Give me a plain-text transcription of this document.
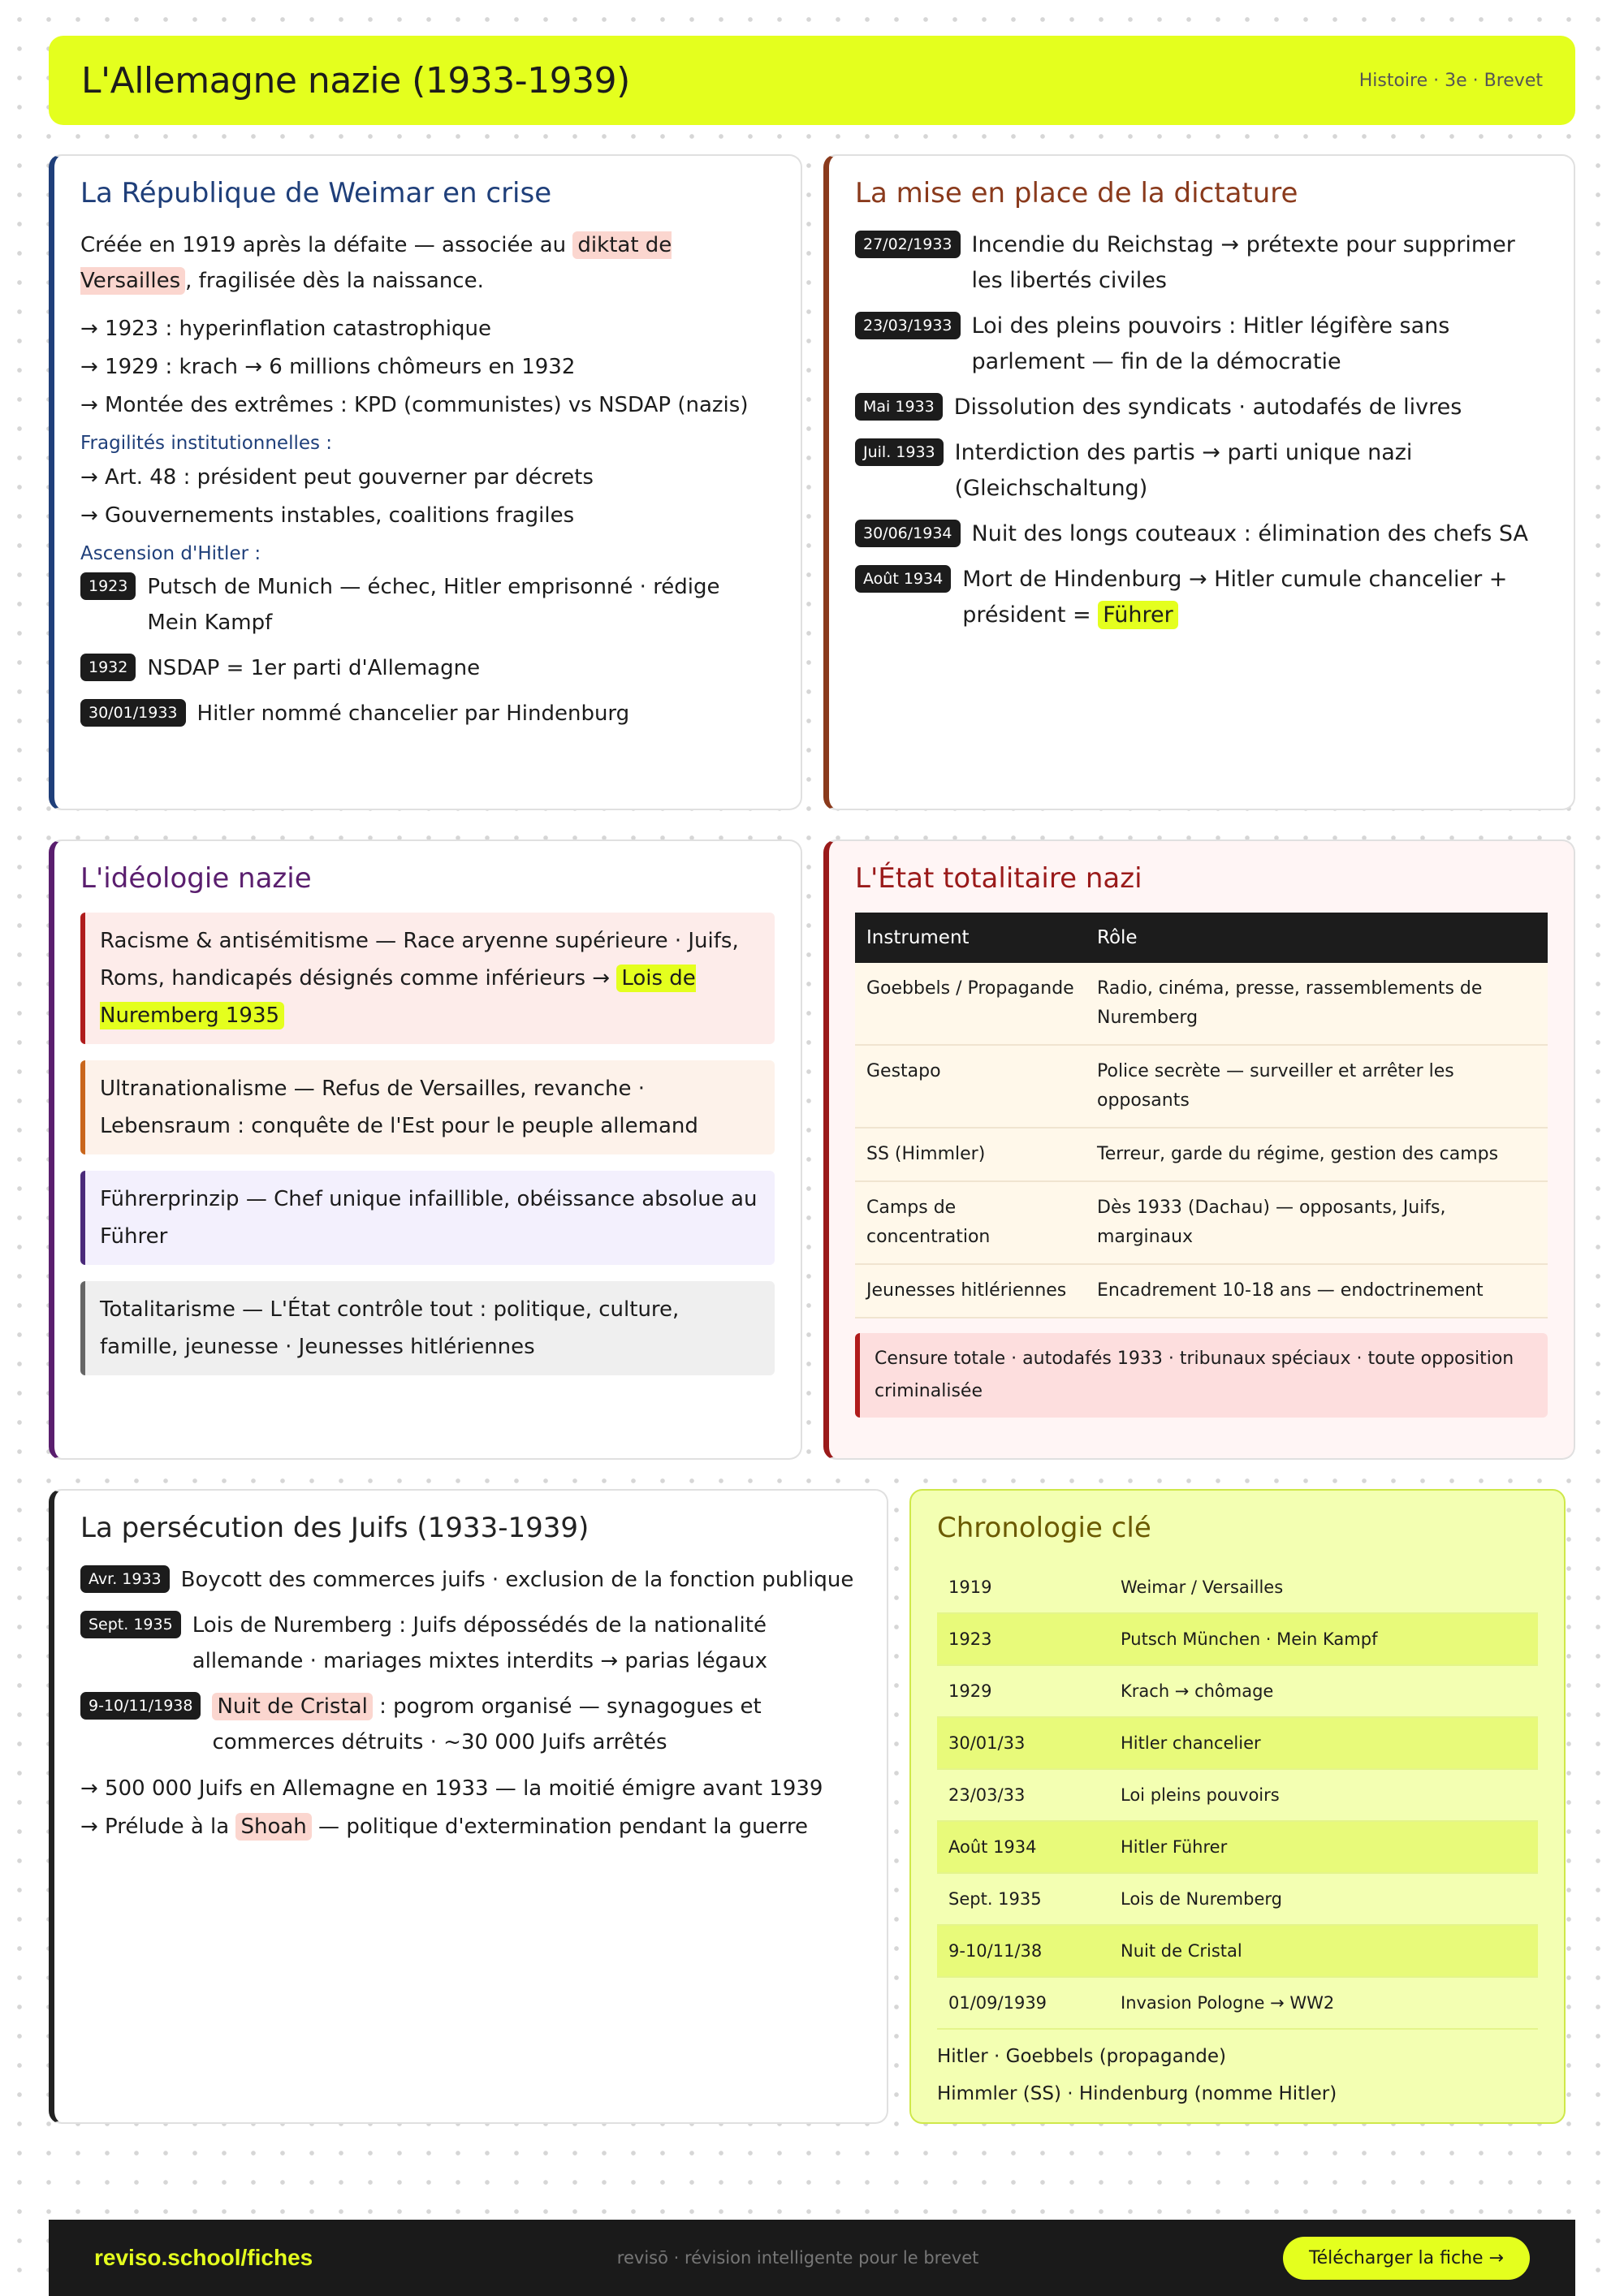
L'Allemagne nazie (1933-1939)	Histoire · 3e · Brevet
La République de Weimar en crise

Créée en 1919 après la défaite — associée au diktat de Versailles , fragilisée dès la naissance.

→ 1923 : hyperinflation catastrophique
→ 1929 : krach → 6 millions chômeurs en 1932
→ Montée des extrêmes : KPD (communistes) vs NSDAP (nazis)
Fragilités institutionnelles :
→ Art. 48 : président peut gouverner par décrets
→ Gouvernements instables, coalitions fragiles
Ascension d'Hitler :
1923 Putsch de Munich — échec, Hitler emprisonné · rédige Mein Kampf
1932 NSDAP = 1er parti d'Allemagne
30/01/1933 Hitler nommé chancelier par Hindenburg
La mise en place de la dictature
27/02/1933 Incendie du Reichstag → prétexte pour supprimer les libertés civiles
23/03/1933 Loi des pleins pouvoirs : Hitler légifère sans parlement — fin de la démocratie
Mai 1933 Dissolution des syndicats · autodafés de livres
Juil. 1933 Interdiction des partis → parti unique nazi (Gleichschaltung)
30/06/1934 Nuit des longs couteaux : élimination des chefs SA
Août 1934 Mort de Hindenburg → Hitler cumule chancelier + président = Führer
L'idéologie nazie
Racisme & antisémitisme — Race aryenne supérieure · Juifs, Roms, handicapés désignés comme inférieurs → Lois de Nuremberg 1935
Ultranationalisme — Refus de Versailles, revanche · Lebensraum : conquête de l'Est pour le peuple allemand
Führerprinzip — Chef unique infaillible, obéissance absolue au Führer
Totalitarisme — L'État contrôle tout : politique, culture, famille, jeunesse · Jeunesses hitlériennes
L'État totalitaire nazi
Instrument	Rôle
Goebbels / Propagande	Radio, cinéma, presse, rassemblements de Nuremberg
Gestapo	Police secrète — surveiller et arrêter les opposants
SS (Himmler)	Terreur, garde du régime, gestion des camps
Camps de concentration	Dès 1933 (Dachau) — opposants, Juifs, marginaux
Jeunesses hitlériennes	Encadrement 10-18 ans — endoctrinement
Censure totale · autodafés 1933 · tribunaux spéciaux · toute opposition criminalisée
La persécution des Juifs (1933-1939)
Avr. 1933 Boycott des commerces juifs · exclusion de la fonction publique
Sept. 1935 Lois de Nuremberg : Juifs dépossédés de la nationalité allemande · mariages mixtes interdits → parias légaux
9-10/11/1938	Nuit de Cristal : pogrom organisé — synagogues et commerces détruits · ~30 000 Juifs arrêtés
→ 500 000 Juifs en Allemagne en 1933 — la moitié émigre avant 1939
→ Prélude à la Shoah — politique d'extermination pendant la guerre
Chronologie clé
1919	Weimar / Versailles
1923	Putsch München · Mein Kampf
1929	Krach → chômage
30/01/33	Hitler chancelier
23/03/33	Loi pleins pouvoirs
Août 1934	Hitler Führer
Sept. 1935	Lois de Nuremberg
9-10/11/38	Nuit de Cristal
01/09/1939	Invasion Pologne → WW2
Hitler · Goebbels (propagande)
Himmler (SS) · Hindenburg (nomme Hitler)
reviso.school/fiches	revisō · révision intelligente pour le brevet	Télécharger la fiche →
